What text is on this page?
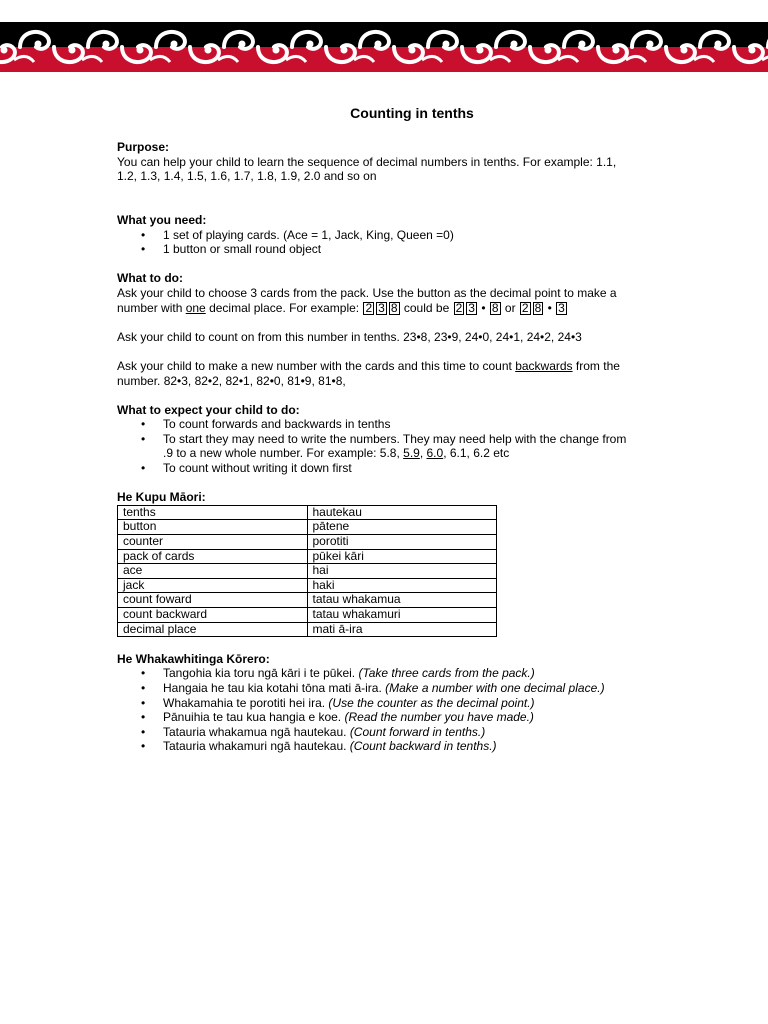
Counting in tenths

Purpose:

You can help your child to learn the sequence of decimal numbers in tenths. For example: 1.1,

1.2, 1.3, 1.4, 1.5, 1.6, 1.7, 1.8, 1.9, 2.0 and so on

What you need:

• 1 set of playing cards. (Ace = 1, Jack, King, Queen =0)
• 1 button or small round object

What to do:

Ask your child to choose 3 cards from the pack. Use the button as the decimal point to make a

number with one decimal place. For example: 2 3 8 could be 2 3 • 8 or 2 8 • 3

Ask your child to count on from this number in tenths. 23•8, 23•9, 24•0, 24•1, 24•2, 24•3

Ask your child to make a new number with the cards and this time to count backwards from the

number. 82•3, 82•2, 82•1, 82•0, 81•9, 81•8,

What to expect your child to do:

• To count forwards and backwards in tenths
• To start they may need to write the numbers. They may need help with the change from
.9 to a new whole number. For example: 5.8, 5.9, 6.0, 6.1, 6.2 etc
• To count without writing it down first

He Kupu Māori:

tenths	hautekau
button	pātene
counter	porotiti
pack of cards	pūkei kāri
ace	hai
jack	haki
count foward	tatau whakamua
count backward	tatau whakamuri
decimal place	mati ā-ira

He Whakawhitinga Kōrero:

• Tangohia kia toru ngā kāri i te pūkei. (Take three cards from the pack.)
• Hangaia he tau kia kotahi tōna mati ā-ira. (Make a number with one decimal place.)
• Whakamahia te porotiti hei ira. (Use the counter as the decimal point.)
• Pānuihia te tau kua hangia e koe. (Read the number you have made.)
• Tatauria whakamua ngā hautekau. (Count forward in tenths.)
• Tatauria whakamuri ngā hautekau. (Count backward in tenths.)
